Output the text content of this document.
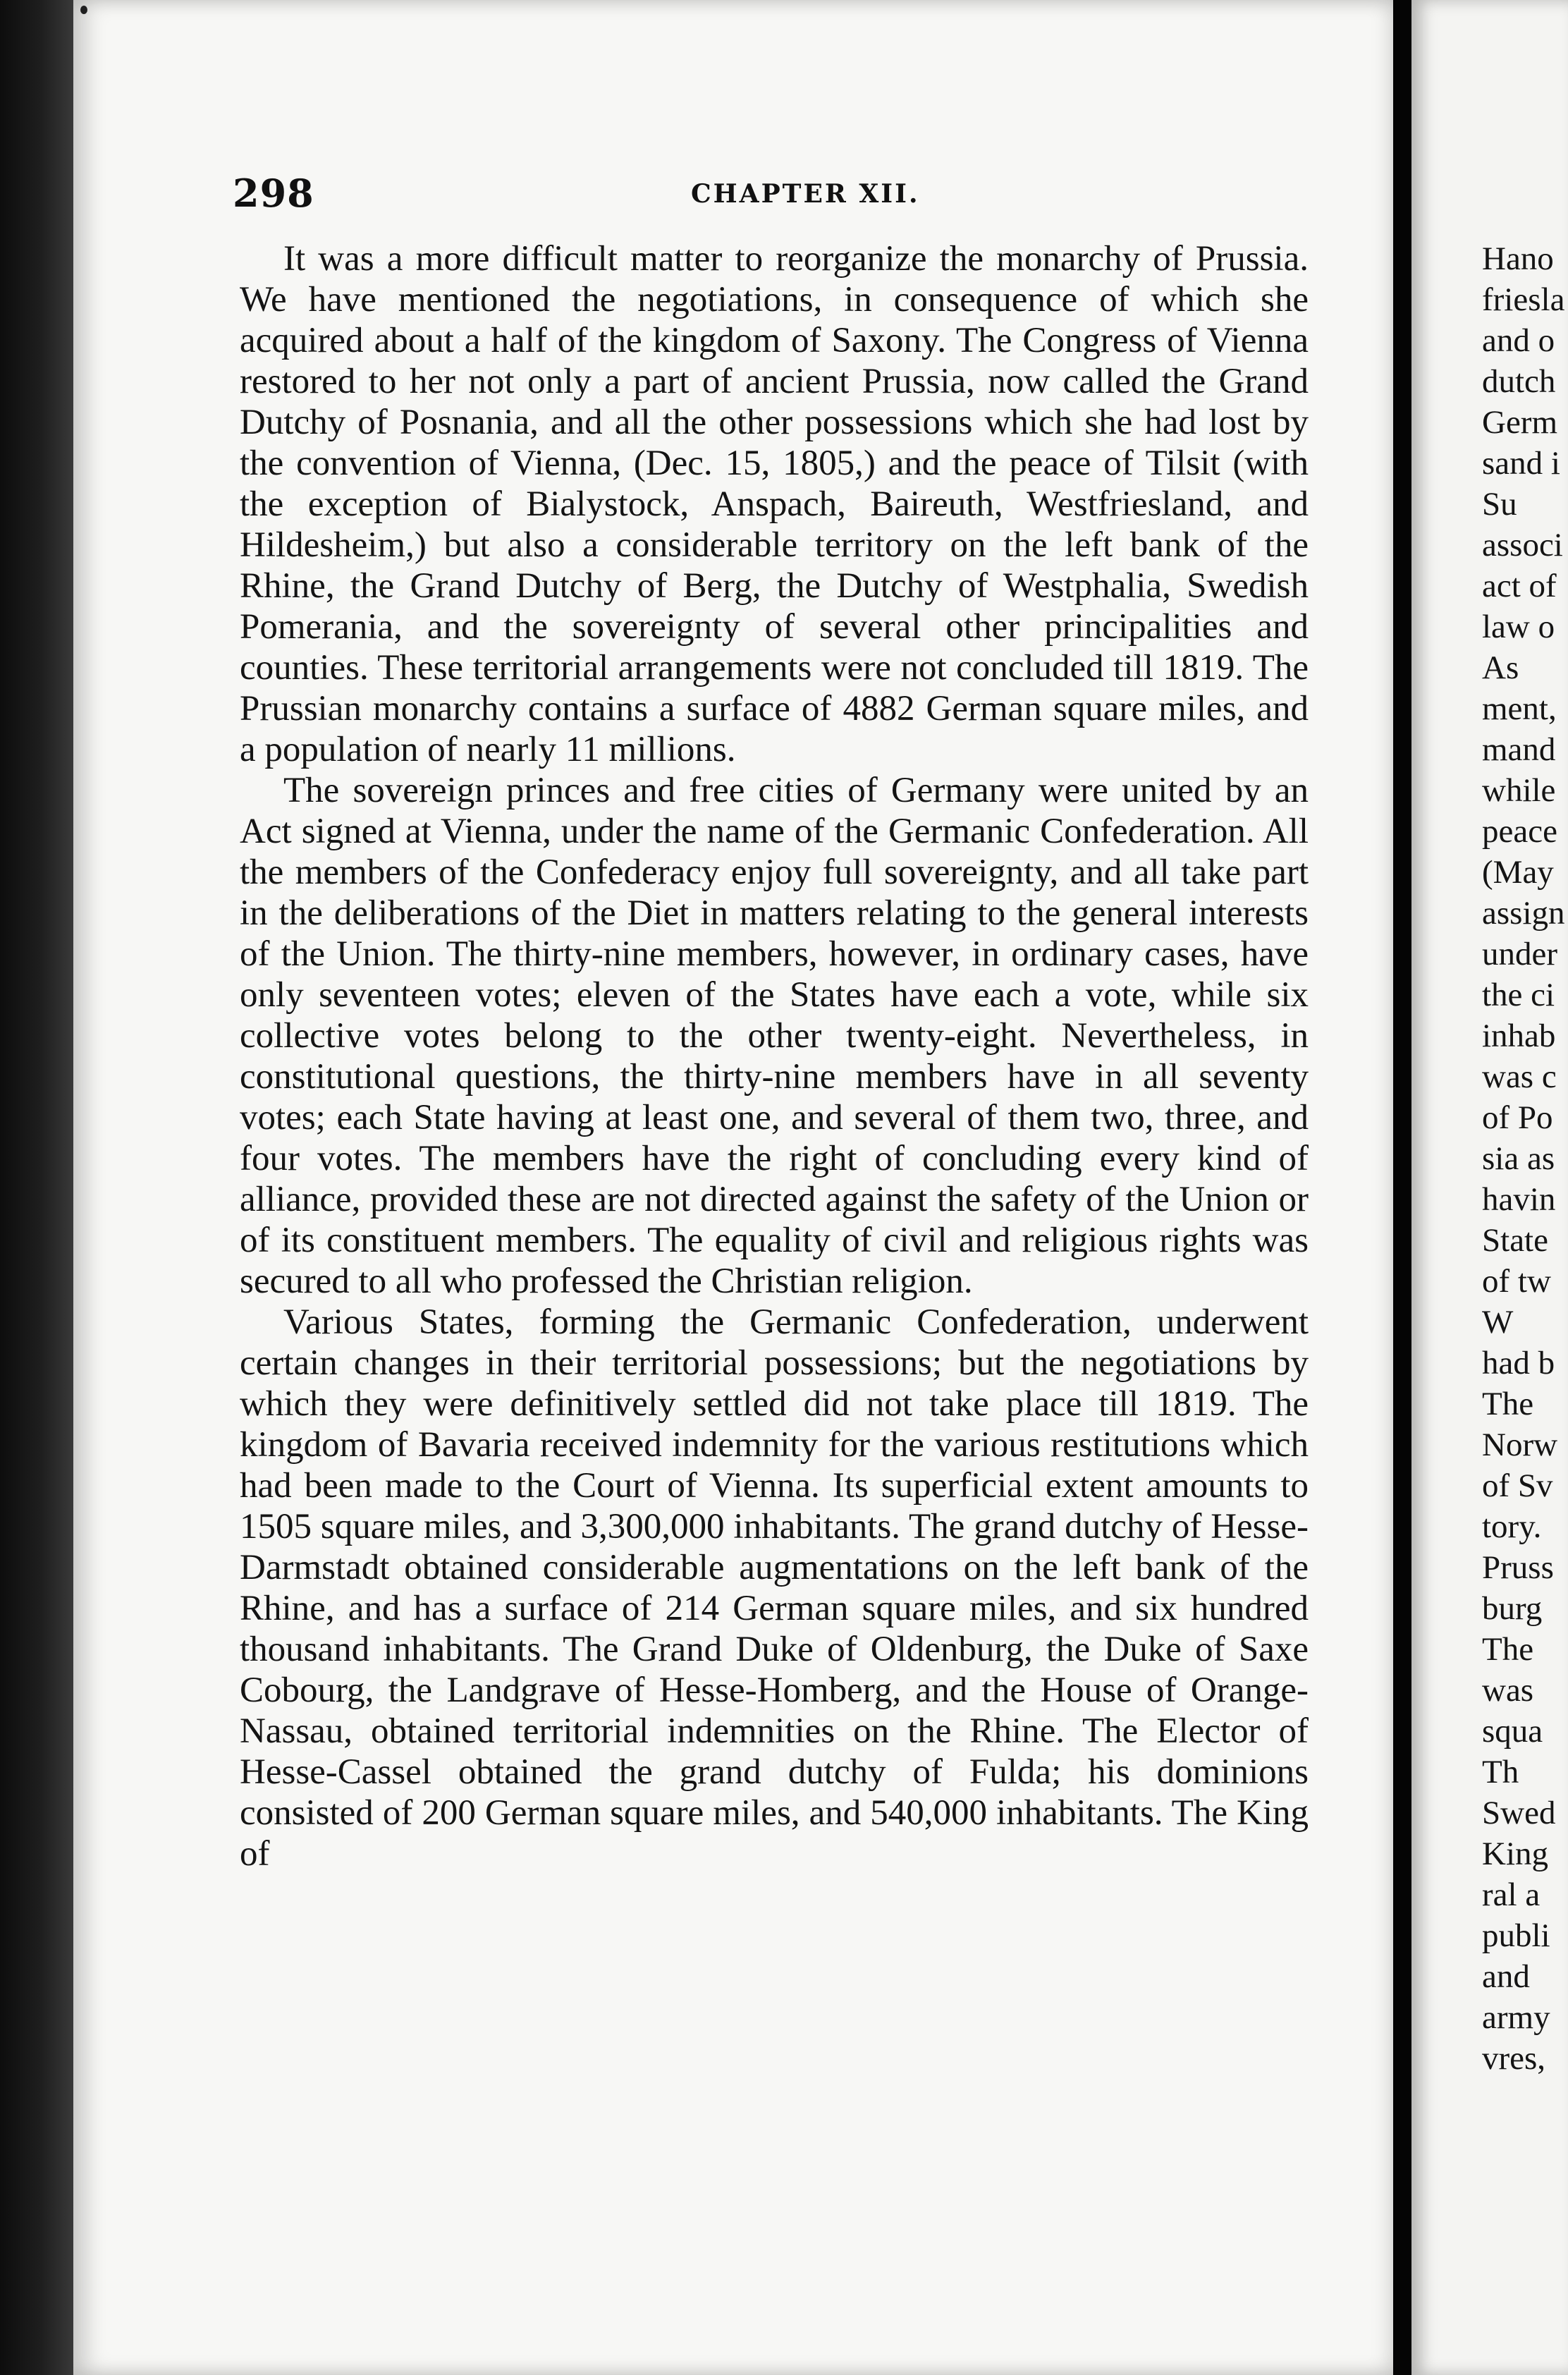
298	CHAPTER XII.

It was a more difficult matter to reorganize the monarchy of Prussia. We have mentioned the negotiations, in consequence of which she acquired about a half of the kingdom of Saxony. The Congress of Vienna restored to her not only a part of ancient Prussia, now called the Grand Dutchy of Posnania, and all the other possessions which she had lost by the convention of Vienna, (Dec. 15, 1805,) and the peace of Tilsit (with the exception of Bialystock, Anspach, Baireuth, Westfriesland, and Hildesheim,) but also a considerable territory on the left bank of the Rhine, the Grand Dutchy of Berg, the Dutchy of Westphalia, Swedish Pomerania, and the sovereignty of several other principalities and counties. These territorial arrangements were not concluded till 1819. The Prussian monarchy contains a surface of 4882 German square miles, and a population of nearly 11 millions.

The sovereign princes and free cities of Germany were united by an Act signed at Vienna, under the name of the Germanic Confederation. All the members of the Confederacy enjoy full sovereignty, and all take part in the deliberations of the Diet in matters relating to the general interests of the Union. The thirty-nine members, however, in ordinary cases, have only seventeen votes; eleven of the States have each a vote, while six collective votes belong to the other twenty-eight. Nevertheless, in constitutional questions, the thirty-nine members have in all seventy votes; each State having at least one, and several of them two, three, and four votes. The members have the right of concluding every kind of alliance, provided these are not directed against the safety of the Union or of its constituent members. The equality of civil and religious rights was secured to all who professed the Christian religion.

Various States, forming the Germanic Confederation, underwent certain changes in their territorial possessions; but the negotiations by which they were definitively settled did not take place till 1819. The kingdom of Bavaria received indemnity for the various restitutions which had been made to the Court of Vienna. Its superficial extent amounts to 1505 square miles, and 3,300,000 inhabitants. The grand dutchy of Hesse-Darmstadt obtained considerable augmentations on the left bank of the Rhine, and has a surface of 214 German square miles, and six hundred thousand inhabitants. The Grand Duke of Oldenburg, the Duke of Saxe Cobourg, the Landgrave of Hesse-Homberg, and the House of Orange-Nassau, obtained territorial indemnities on the Rhine. The Elector of Hesse-Cassel obtained the grand dutchy of Fulda; his dominions consisted of 200 German square miles, and 540,000 inhabitants. The King of

Hano
friesla
and o
dutch
Germ
sand i
Su
associ
act of
law o
As
ment,
mand
while
peace
(May
assign
under
the ci
inhab
was c
of Po
sia as
havin
State
of tw
W
had b
The
Norw
of Sv
tory.
Pruss
burg
The
was
squa
Th
Swed
King
ral a
publi
and
army
vres,
